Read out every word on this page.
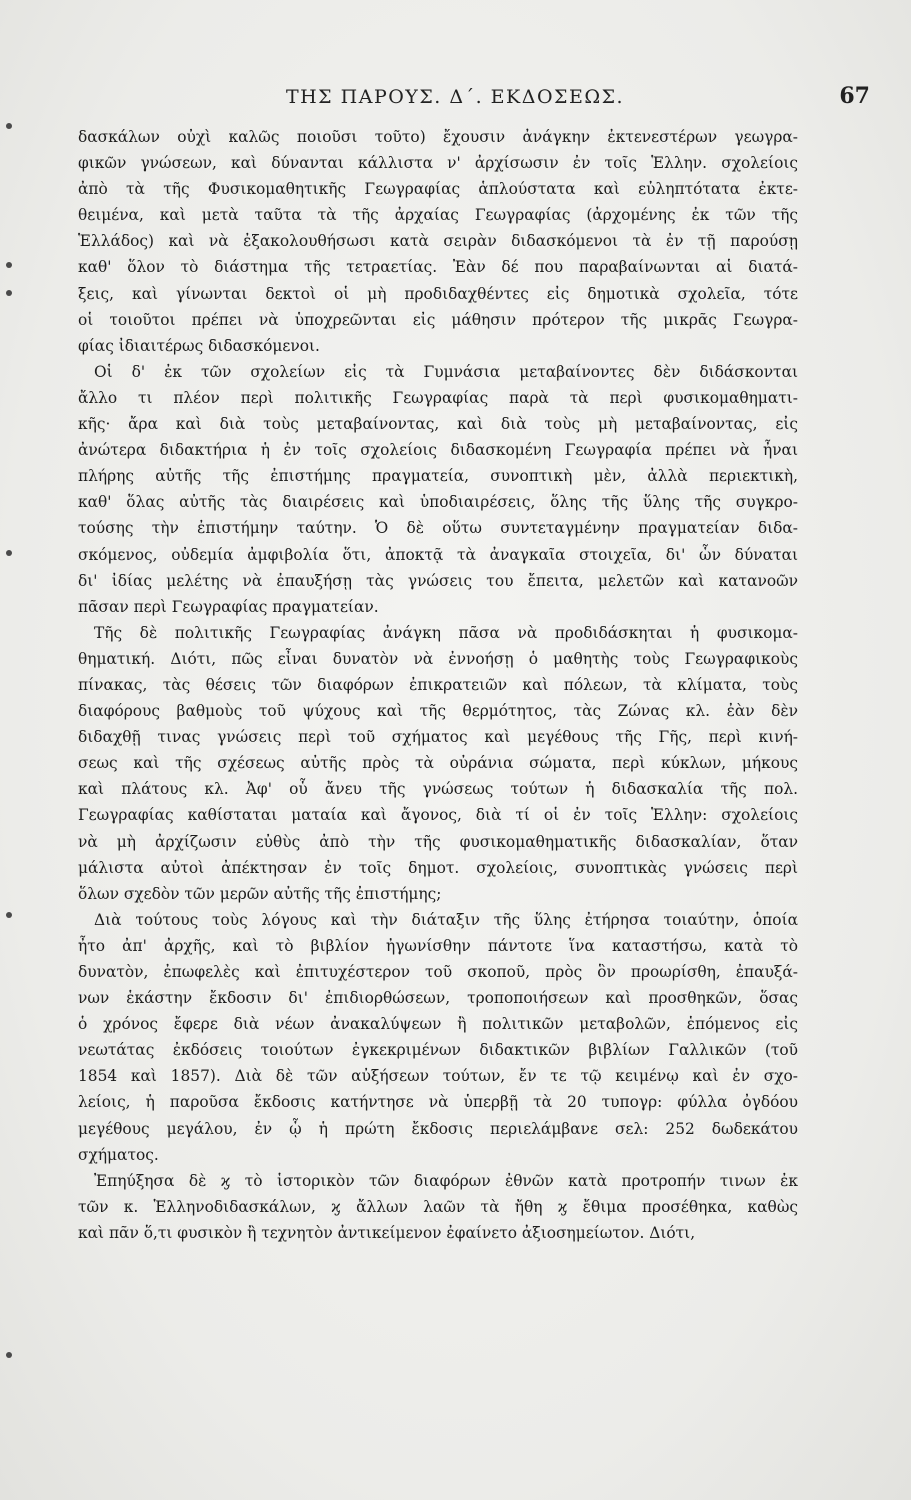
ΤΗΣ ΠΑΡΟΥΣ. Δ΄. ΕΚΔΟΣΕΩΣ.	67
δασκάλων οὐχὶ καλῶς ποιοῦσι τοῦτο) ἔχουσιν ἀνάγκην ἐκτενεστέρων γεωγρα-
φικῶν γνώσεων, καὶ δύνανται κάλλιστα ν' ἀρχίσωσιν ἐν τοῖς Ἑλλην. σχολείοις
ἀπὸ τὰ τῆς Φυσικομαθητικῆς Γεωγραφίας ἁπλούστατα καὶ εὐληπτότατα ἐκτε-
θειμένα, καὶ μετὰ ταῦτα τὰ τῆς ἀρχαίας Γεωγραφίας (ἀρχομένης ἐκ τῶν τῆς
Ἑλλάδος) καὶ νὰ ἐξακολουθήσωσι κατὰ σειρὰν διδασκόμενοι τὰ ἐν τῇ παρούσῃ
καθ' ὅλον τὸ διάστημα τῆς τετραετίας. Ἐὰν δέ που παραβαίνωνται αἱ διατά-
ξεις, καὶ γίνωνται δεκτοὶ οἱ μὴ προδιδαχθέντες εἰς δημοτικὰ σχολεῖα, τότε
οἱ τοιοῦτοι πρέπει νὰ ὑποχρεῶνται εἰς μάθησιν πρότερον τῆς μικρᾶς Γεωγρα-
φίας ἰδιαιτέρως διδασκόμενοι.
Οἱ δ' ἐκ τῶν σχολείων εἰς τὰ Γυμνάσια μεταβαίνοντες δὲν διδάσκονται
ἄλλο τι πλέον περὶ πολιτικῆς Γεωγραφίας παρὰ τὰ περὶ φυσικομαθηματι-
κῆς· ἄρα καὶ διὰ τοὺς μεταβαίνοντας, καὶ διὰ τοὺς μὴ μεταβαίνοντας, εἰς
ἀνώτερα διδακτήρια ἡ ἐν τοῖς σχολείοις διδασκομένη Γεωγραφία πρέπει νὰ ἦναι
πλήρης αὐτῆς τῆς ἐπιστήμης πραγματεία, συνοπτικὴ μὲν, ἀλλὰ περιεκτικὴ,
καθ' ὅλας αὐτῆς τὰς διαιρέσεις καὶ ὑποδιαιρέσεις, ὅλης τῆς ὕλης τῆς συγκρο-
τούσης τὴν ἐπιστήμην ταύτην. Ὁ δὲ οὕτω συντεταγμένην πραγματείαν διδα-
σκόμενος, οὐδεμία ἀμφιβολία ὅτι, ἀποκτᾷ τὰ ἀναγκαῖα στοιχεῖα, δι' ὧν δύναται
δι' ἰδίας μελέτης νὰ ἐπαυξήσῃ τὰς γνώσεις του ἔπειτα, μελετῶν καὶ κατανοῶν
πᾶσαν περὶ Γεωγραφίας πραγματείαν.
Τῆς δὲ πολιτικῆς Γεωγραφίας ἀνάγκη πᾶσα νὰ προδιδάσκηται ἡ φυσικομα-
θηματική. Διότι, πῶς εἶναι δυνατὸν νὰ ἐννοήσῃ ὁ μαθητὴς τοὺς Γεωγραφικοὺς
πίνακας, τὰς θέσεις τῶν διαφόρων ἐπικρατειῶν καὶ πόλεων, τὰ κλίματα, τοὺς
διαφόρους βαθμοὺς τοῦ ψύχους καὶ τῆς θερμότητος, τὰς Ζώνας κλ. ἐὰν δὲν
διδαχθῇ τινας γνώσεις περὶ τοῦ σχήματος καὶ μεγέθους τῆς Γῆς, περὶ κινή-
σεως καὶ τῆς σχέσεως αὐτῆς πρὸς τὰ οὐράνια σώματα, περὶ κύκλων, μήκους
καὶ πλάτους κλ. Ἀφ' οὗ ἄνευ τῆς γνώσεως τούτων ἡ διδασκαλία τῆς πολ.
Γεωγραφίας καθίσταται ματαία καὶ ἄγονος, διὰ τί οἱ ἐν τοῖς Ἑλλην: σχολείοις
νὰ μὴ ἀρχίζωσιν εὐθὺς ἀπὸ τὴν τῆς φυσικομαθηματικῆς διδασκαλίαν, ὅταν
μάλιστα αὐτοὶ ἀπέκτησαν ἐν τοῖς δημοτ. σχολείοις, συνοπτικὰς γνώσεις περὶ
ὅλων σχεδὸν τῶν μερῶν αὐτῆς τῆς ἐπιστήμης;
Διὰ τούτους τοὺς λόγους καὶ τὴν διάταξιν τῆς ὕλης ἐτήρησα τοιαύτην, ὁποία
ἦτο ἀπ' ἀρχῆς, καὶ τὸ βιβλίον ἠγωνίσθην πάντοτε ἵνα καταστήσω, κατὰ τὸ
δυνατὸν, ἐπωφελὲς καὶ ἐπιτυχέστερον τοῦ σκοποῦ, πρὸς ὃν προωρίσθη, ἐπαυξά-
νων ἑκάστην ἔκδοσιν δι' ἐπιδιορθώσεων, τροποποιήσεων καὶ προσθηκῶν, ὅσας
ὁ χρόνος ἔφερε διὰ νέων ἀνακαλύψεων ἢ πολιτικῶν μεταβολῶν, ἑπόμενος εἰς
νεωτάτας ἐκδόσεις τοιούτων ἐγκεκριμένων διδακτικῶν βιβλίων Γαλλικῶν (τοῦ
1854 καὶ 1857). Διὰ δὲ τῶν αὐξήσεων τούτων, ἔν τε τῷ κειμένῳ καὶ ἐν σχο-
λείοις, ἡ παροῦσα ἔκδοσις κατήντησε νὰ ὑπερβῇ τὰ 20 τυπογρ: φύλλα ὀγδόου
μεγέθους μεγάλου, ἐν ᾧ ἡ πρώτη ἔκδοσις περιελάμβανε σελ: 252 δωδεκάτου
σχήματος.
Ἐπηύξησα δὲ ϗ τὸ ἱστορικὸν τῶν διαφόρων ἐθνῶν κατὰ προτροπήν τινων ἐκ
τῶν κ. Ἑλληνοδιδασκάλων, ϗ ἄλλων λαῶν τὰ ἤθη ϗ ἔθιμα προσέθηκα, καθὼς
καὶ πᾶν ὅ,τι φυσικὸν ἢ τεχνητὸν ἀντικείμενον ἐφαίνετο ἀξιοσημείωτον. Διότι,
